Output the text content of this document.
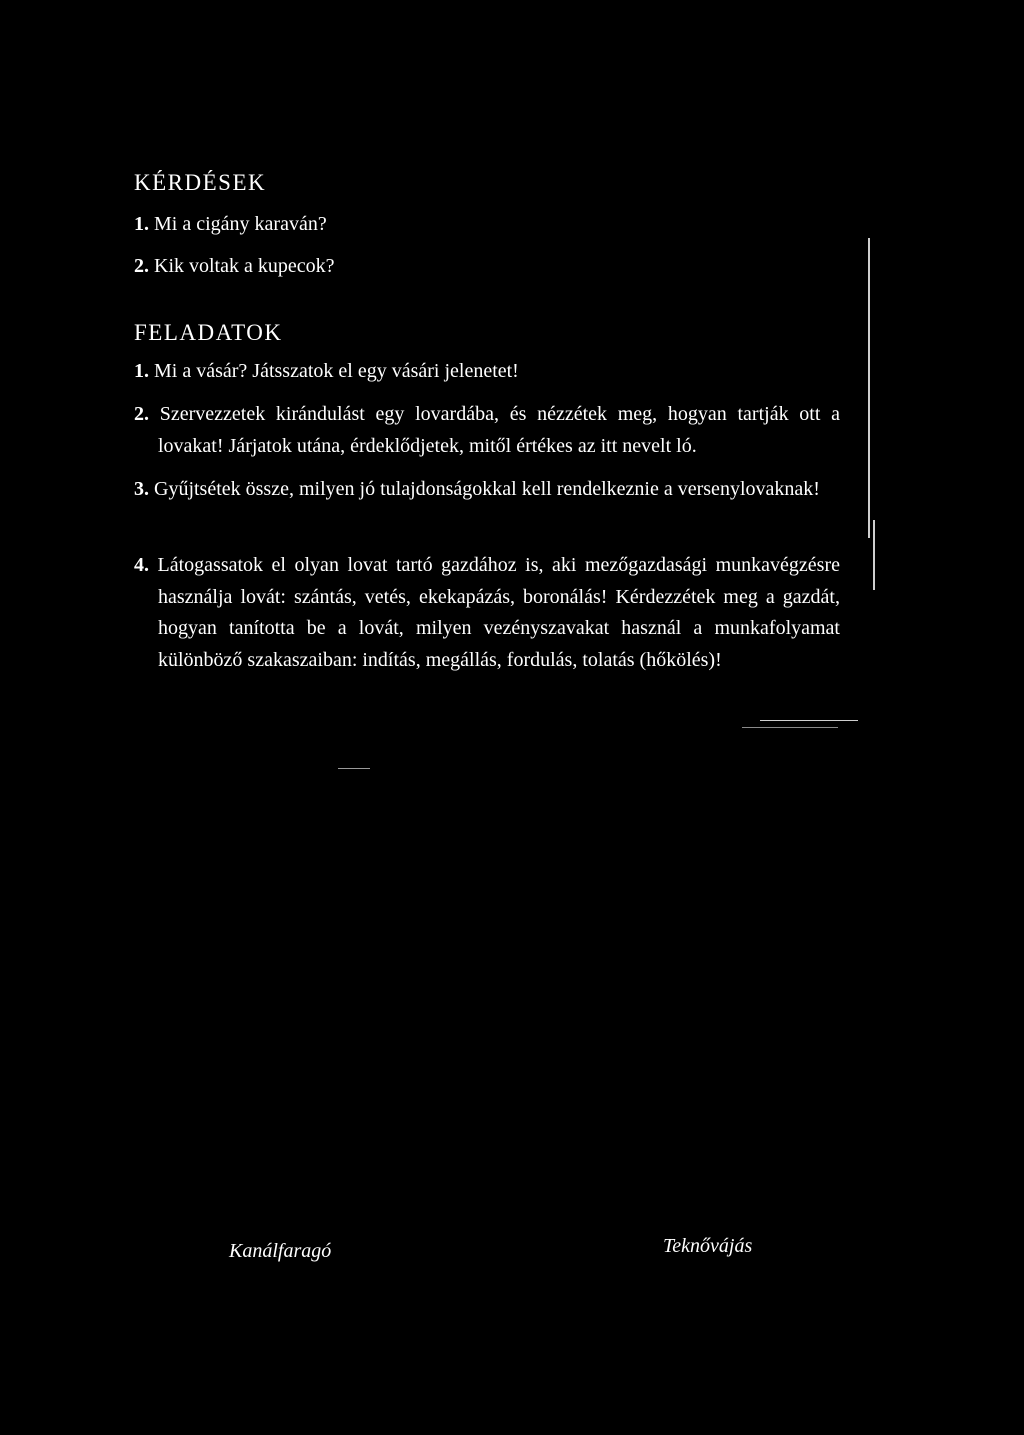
KÉRDÉSEK

1. Mi a cigány karaván?

2. Kik voltak a kupecok?

FELADATOK
1. Mi a vásár? Játsszatok el egy vásári jelenetet!
2. Szervezzetek kirándulást egy lovardába, és nézzétek meg, hogyan tartják ott a lovakat! Járjatok utána, érdeklődjetek, mitől értékes az itt nevelt ló.
3. Gyűjtsétek össze, milyen jó tulajdonságokkal kell rendelkeznie a versenylovaknak!
4. Látogassatok el olyan lovat tartó gazdához is, aki mezőgazdasági munkavégzésre használja lovát: szántás, vetés, ekekapázás, boronálás! Kérdezzétek meg a gazdát, hogyan tanította be a lovát, milyen vezényszavakat használ a munkafolyamat különböző szakaszaiban: indítás, megállás, fordulás, tolatás (hőkölés)!

Kanálfaragó	Teknővájás
